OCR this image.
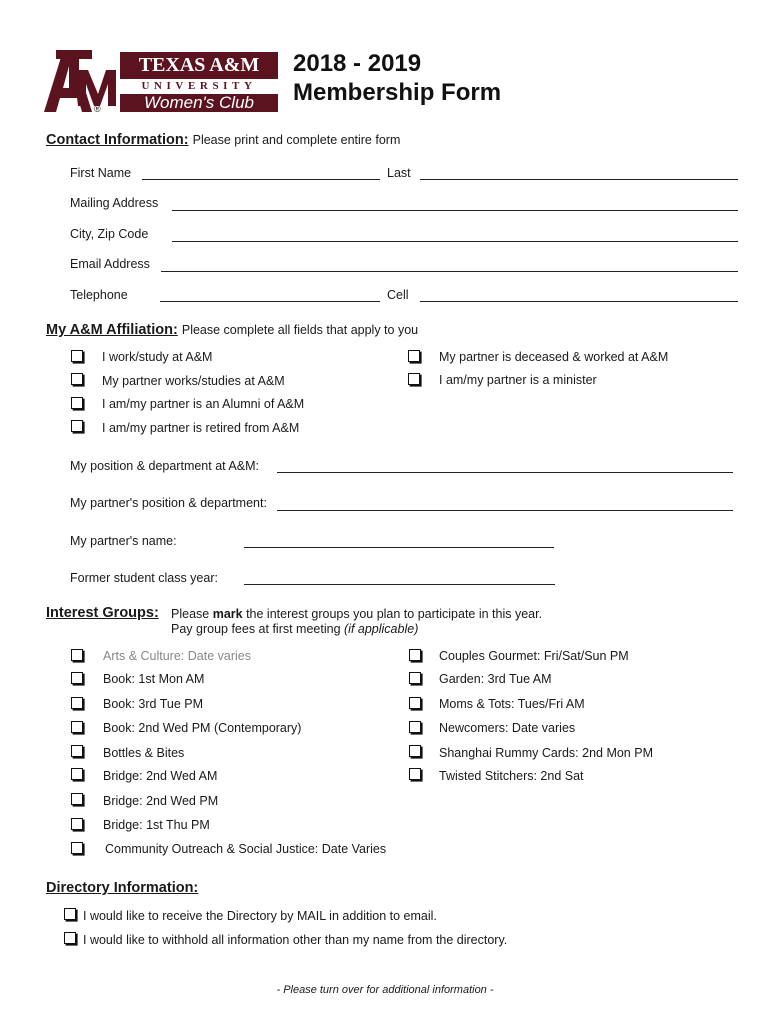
®
TEXAS A&M
UNIVERSITY
Women's Club
2018 - 2019
Membership Form
Contact Information: Please print and complete entire form
First Name	Last
Mailing Address
City, Zip Code
Email Address
Telephone	Cell
My A&M Affiliation: Please complete all fields that apply to you
I work/study at A&M
My partner works/studies at A&M
I am/my partner is an Alumni of A&M
I am/my partner is retired from A&M
My partner is deceased & worked at A&M
I am/my partner is a minister
My position & department at A&M:
My partner's position & department:
My partner's name:
Former student class year:
Interest Groups: Please mark the interest groups you plan to participate in this year.
Pay group fees at first meeting (if applicable)
Arts & Culture: Date varies
Book: 1st Mon AM
Book: 3rd Tue PM
Book: 2nd Wed PM (Contemporary)
Bottles & Bites
Bridge: 2nd Wed AM
Bridge: 2nd Wed PM
Bridge: 1st Thu PM
Community Outreach & Social Justice: Date Varies
Couples Gourmet: Fri/Sat/Sun PM
Garden: 3rd Tue AM
Moms & Tots: Tues/Fri AM
Newcomers: Date varies
Shanghai Rummy Cards: 2nd Mon PM
Twisted Stitchers: 2nd Sat
Directory Information:
I would like to receive the Directory by MAIL in addition to email.
I would like to withhold all information other than my name from the directory.
- Please turn over for additional information -
